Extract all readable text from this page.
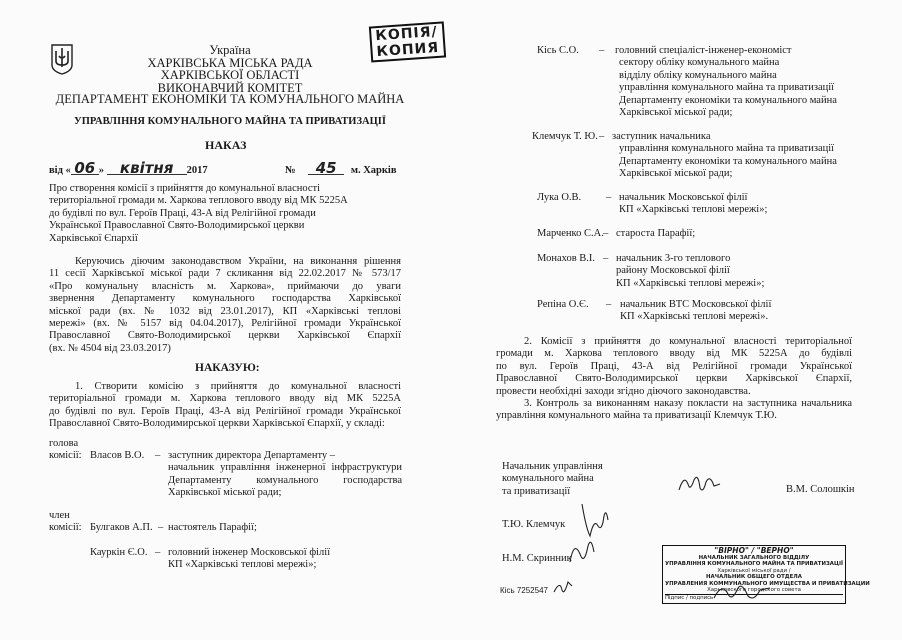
Україна
ХАРКІВСЬКА МІСЬКА РАДА
ХАРКІВСЬКОЇ ОБЛАСТІ
ВИКОНАВЧИЙ КОМІТЕТ
ДЕПАРТАМЕНТ ЕКОНОМІКИ ТА КОМУНАЛЬНОГО МАЙНА
УПРАВЛІННЯ КОМУНАЛЬНОГО МАЙНА ТА ПРИВАТИЗАЦІЇ
КОПІЯ/
КОПИЯ
НАКАЗ
від « 06 » квітня 2017	№ 45 м. Харків
Про створення комісії з прийняття до комунальної власності
територіальної громади м. Харкова теплового вводу від МК 5225А
до будівлі по вул. Героїв Праці, 43-А від Релігійної громади
Української Православної Свято-Володимирської церкви
Харківської Єпархії
Керуючись діючим законодавством України, на виконання рішення
11 сесії Харківської міської ради 7 скликання від 22.02.2017 № 573/17
«Про комунальну власність м. Харкова», приймаючи до уваги
звернення Департаменту комунального господарства Харківської
міської ради (вх. № 1032 від 23.01.2017), КП «Харківські теплові
мережі» (вх. № 5157 від 04.04.2017), Релігійної громади Української
Православної Свято-Володимирської церкви Харківської Єпархії
(вх. № 4504 від 23.03.2017)
НАКАЗУЮ:
1. Створити комісію з прийняття до комунальної власності
територіальної громади м. Харкова теплового вводу від МК 5225А
до будівлі по вул. Героїв Праці, 43-А від Релігійної громади Української
Православної Свято-Володимирської церкви Харківської Єпархії, у складі:
голова
комісії: Власов В.О. – заступник директора Департаменту –
начальник управління інженерної інфраструктури
Департаменту комунального господарства
Харківської міської ради;
член
комісії: Булгаков А.П. – настоятель Парафії;
Кауркін Є.О. – головний інженер Московської філії
КП «Харківські теплові мережі»;
Кісь С.О. – головний спеціаліст-інженер-економіст
сектору обліку комунального майна
відділу обліку комунального майна
управління комунального майна та приватизації
Департаменту економіки та комунального майна
Харківської міської ради;
Клемчук Т. Ю. – заступник начальника
управління комунального майна та приватизації
Департаменту економіки та комунального майна
Харківської міської ради;
Лука О.В. – начальник Московської філії
КП «Харківські теплові мережі»;
Марченко С.А. – староста Парафії;
Монахов В.І. – начальник 3-го теплового
району Московської філії
КП «Харківські теплові мережі»;
Репіна О.Є. – начальник ВТС Московської філії
КП «Харківські теплові мережі».
2. Комісії з прийняття до комунальної власності територіальної
громади м. Харкова теплового вводу від МК 5225А до будівлі
по вул. Героїв Праці, 43-А від Релігійної громади Української
Православної Свято-Володимирської церкви Харківської Єпархії,
провести необхідні заходи згідно діючого законодавства.
3. Контроль за виконанням наказу покласти на заступника начальника
управління комунального майна та приватизації Клемчук Т.Ю.
Начальник управління
комунального майна
та приватизації	В.М. Солошкін
Т.Ю. Клемчук
Н.М. Скринник
Кісь 7252547
"ВІРНО" / "ВЕРНО"
НАЧАЛЬНИК ЗАГАЛЬНОГО ВІДДІЛУ
УПРАВЛІННЯ КОМУНАЛЬНОГО МАЙНА ТА ПРИВАТИЗАЦІЇ
Харківської міської ради /
НАЧАЛЬНИК ОБЩЕГО ОТДЕЛА
УПРАВЛЕНИЯ КОММУНАЛЬНОГО ИМУЩЕСТВА И ПРИВАТИЗАЦИИ
Харьковского городского совета
Підпис / подпись
